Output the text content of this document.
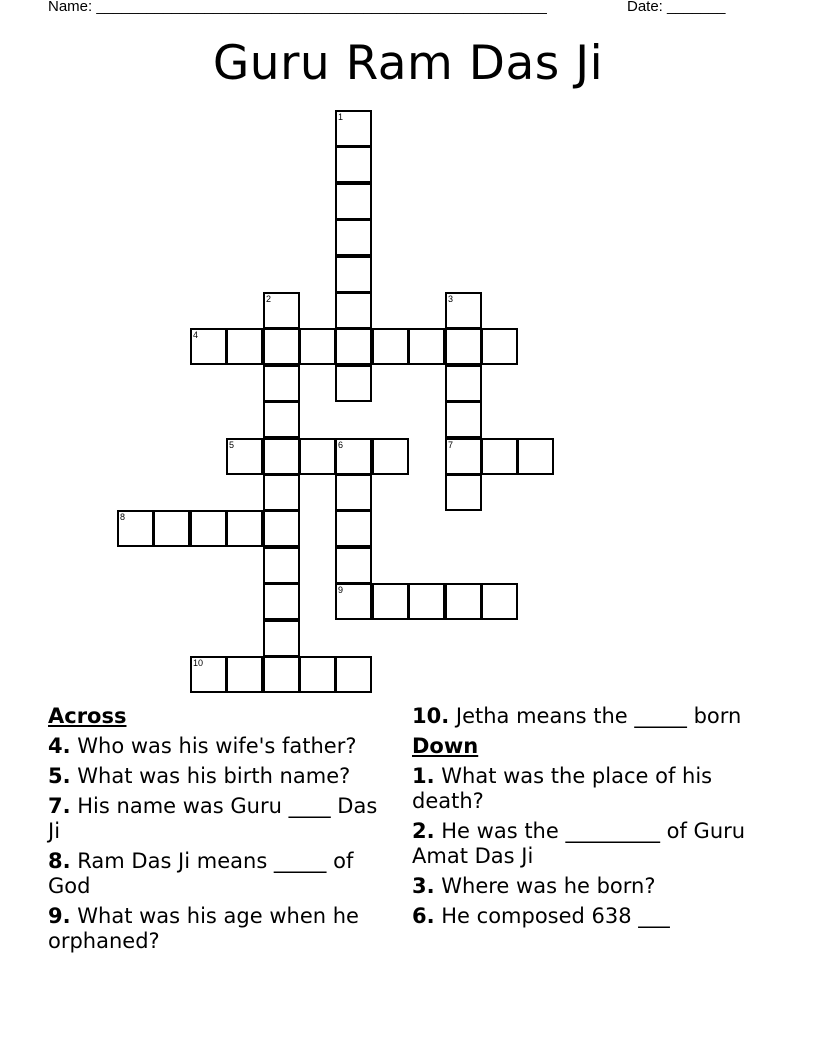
Name: ______________________________________________________	Date: _______
Guru Ram Das Ji
1
2	3
7
4
5	6
9
8
10
Across
4. Who was his wife's father?
5. What was his birth name?
7. His name was Guru ____ Das Ji
8. Ram Das Ji means _____ of God
9. What was his age when he orphaned?
10. Jetha means the _____ born
Down
1. What was the place of his death?
2. He was the _________ of Guru Amat Das Ji
3. Where was he born?
6. He composed 638 ___
